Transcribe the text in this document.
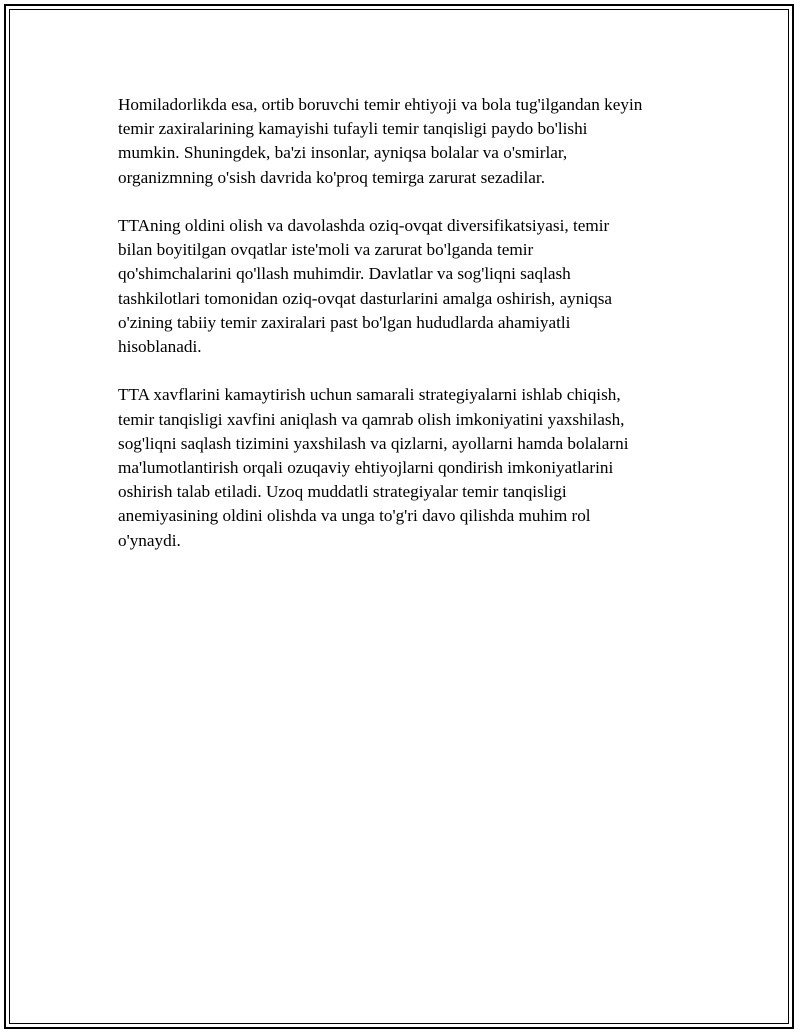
Homiladorlikda esa, ortib boruvchi temir ehtiyoji va bola tug'ilgandan keyin
temir zaxiralarining kamayishi tufayli temir tanqisligi paydo bo'lishi
mumkin. Shuningdek, ba'zi insonlar, ayniqsa bolalar va o'smirlar,
organizmning o'sish davrida ko'proq temirga zarurat sezadilar.

TTAning oldini olish va davolashda oziq-ovqat diversifikatsiyasi, temir
bilan boyitilgan ovqatlar iste'moli va zarurat bo'lganda temir
qo'shimchalarini qo'llash muhimdir. Davlatlar va sog'liqni saqlash
tashkilotlari tomonidan oziq-ovqat dasturlarini amalga oshirish, ayniqsa
o'zining tabiiy temir zaxiralari past bo'lgan hududlarda ahamiyatli
hisoblanadi.

TTA xavflarini kamaytirish uchun samarali strategiyalarni ishlab chiqish,
temir tanqisligi xavfini aniqlash va qamrab olish imkoniyatini yaxshilash,
sog'liqni saqlash tizimini yaxshilash va qizlarni, ayollarni hamda bolalarni
ma'lumotlantirish orqali ozuqaviy ehtiyojlarni qondirish imkoniyatlarini
oshirish talab etiladi. Uzoq muddatli strategiyalar temir tanqisligi
anemiyasining oldini olishda va unga to'g'ri davo qilishda muhim rol
o'ynaydi.
